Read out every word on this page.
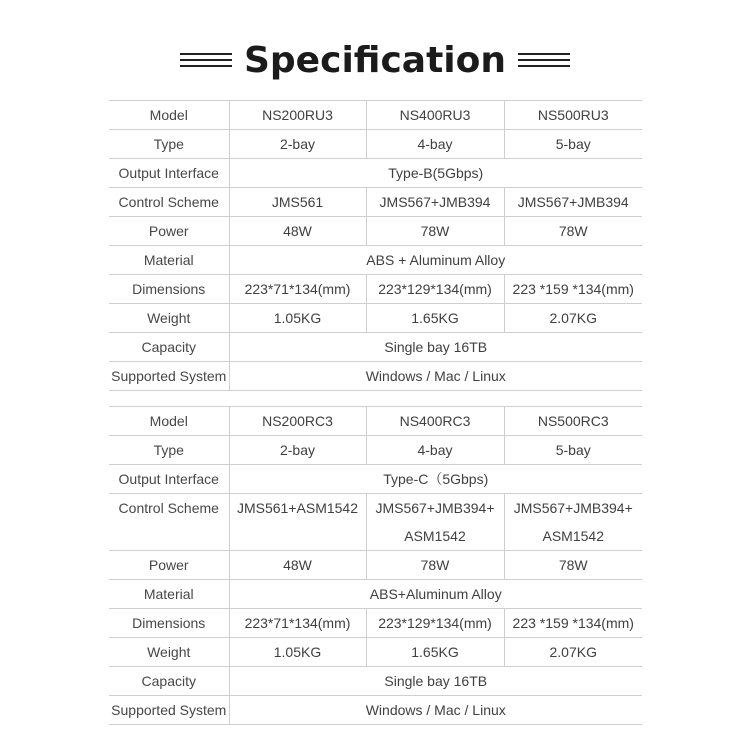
Specification
Model	NS200RU3	NS400RU3	NS500RU3
Type	2-bay	4-bay	5-bay
Output Interface	Type-B(5Gbps)		
Control Scheme	JMS561	JMS567+JMB394	JMS567+JMB394
Power	48W	78W	78W
Material	ABS + Aluminum Alloy		
Dimensions	223*71*134(mm)	223*129*134(mm)	223 *159 *134(mm)
Weight	1.05KG	1.65KG	2.07KG
Capacity	Single bay 16TB		
Supported System	Windows / Mac / Linux		
Model	NS200RC3	NS400RC3	NS500RC3
Type	2-bay	4-bay	5-bay
Output Interface	Type-C（5Gbps)		
Control Scheme	JMS561+ASM1542	JMS567+JMB394+ ASM1542	JMS567+JMB394+ ASM1542
Power	48W	78W	78W
Material	ABS+Aluminum Alloy		
Dimensions	223*71*134(mm)	223*129*134(mm)	223 *159 *134(mm)
Weight	1.05KG	1.65KG	2.07KG
Capacity	Single bay 16TB		
Supported System	Windows / Mac / Linux		
